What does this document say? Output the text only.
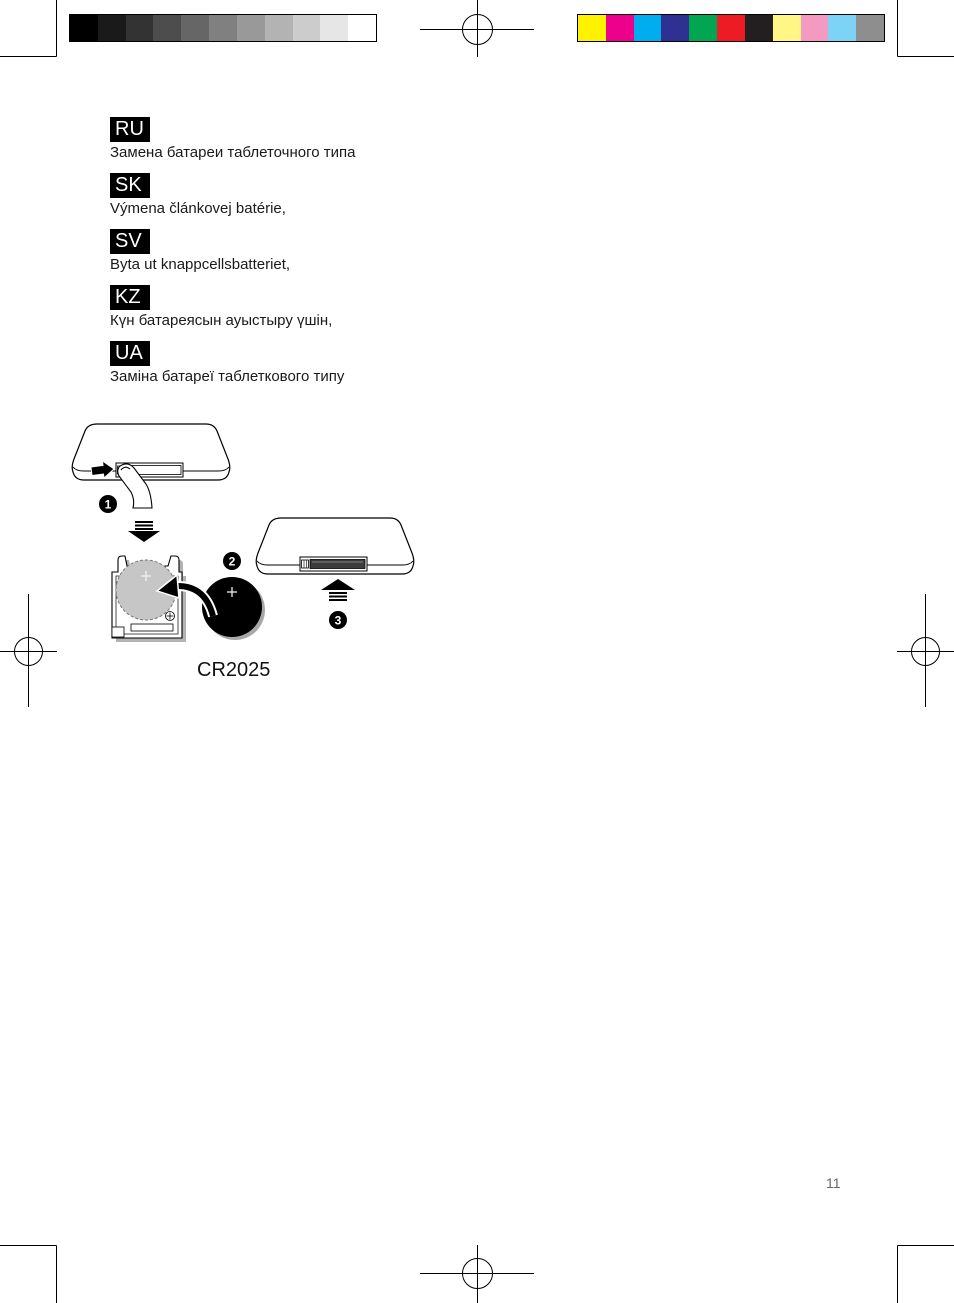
RU
Замена батареи таблеточного типа
SK
Výmena článkovej batérie,
SV
Byta ut knappcellsbatteriet,
KZ
Күн батареясын ауыстыру үшін,
UA
Заміна батареї таблеткового типу
1
2
3
CR2025
11
